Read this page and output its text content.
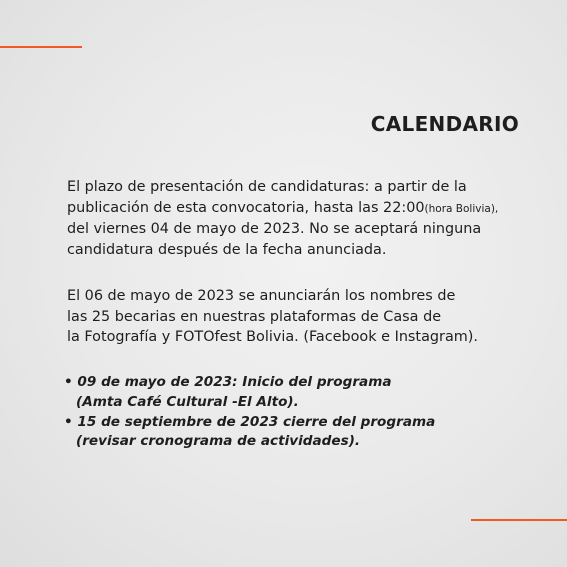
CALENDARIO
El plazo de presentación de candidaturas: a partir de la
publicación de esta convocatoria, hasta las 22:00(hora Bolivia),
del viernes 04 de mayo de 2023. No se aceptará ninguna
candidatura después de la fecha anunciada.
El 06 de mayo de 2023 se anunciarán los nombres de
las 25 becarias en nuestras plataformas de Casa de
la Fotografía y FOTOfest Bolivia. (Facebook e Instagram).
• 09 de mayo de 2023: Inicio del programa
(Amta Café Cultural -El Alto).
• 15 de septiembre de 2023 cierre del programa
(revisar cronograma de actividades).
